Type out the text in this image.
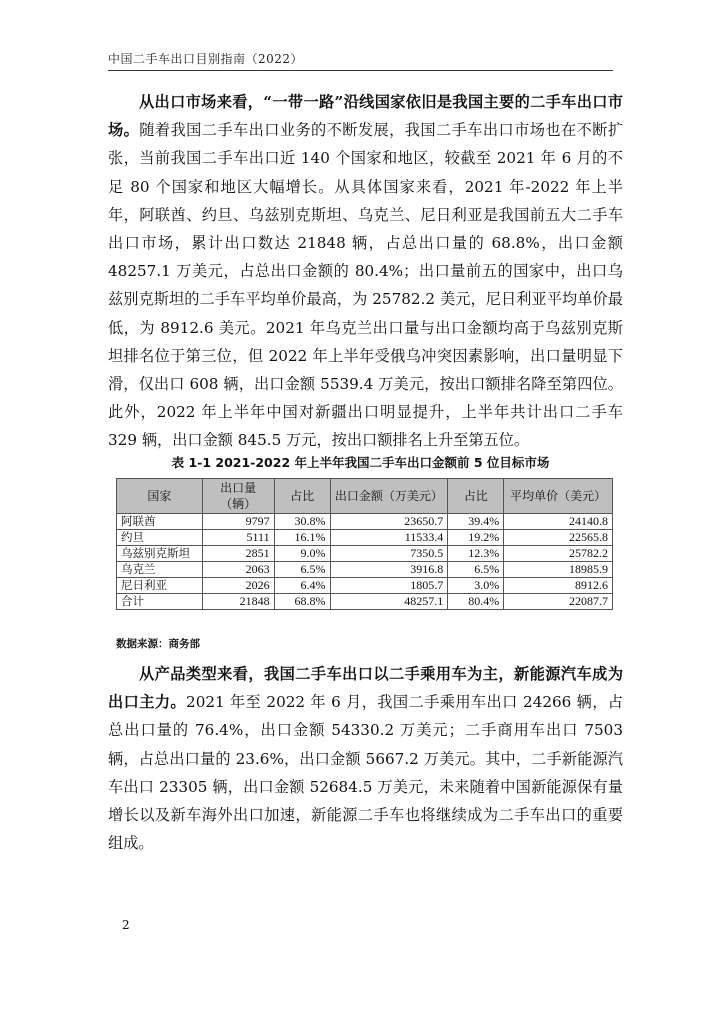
中国二手车出口目别指南（2022）

从出口市场来看，“一带一路”沿线国家依旧是我国主要的二手车出口市场。随着我国二手车出口业务的不断发展，我国二手车出口市场也在不断扩张，当前我国二手车出口近 140 个国家和地区，较截至 2021 年 6 月的不足 80 个国家和地区大幅增长。从具体国家来看，2021 年-2022 年上半年，阿联酋、约旦、乌兹别克斯坦、乌克兰、尼日利亚是我国前五大二手车出口市场，累计出口数达 21848 辆，占总出口量的 68.8%，出口金额 48257.1 万美元，占总出口金额的 80.4%；出口量前五的国家中，出口乌兹别克斯坦的二手车平均单价最高，为 25782.2 美元，尼日利亚平均单价最低，为 8912.6 美元。2021 年乌克兰出口量与出口金额均高于乌兹别克斯坦排名位于第三位，但 2022 年上半年受俄乌冲突因素影响，出口量明显下滑，仅出口 608 辆，出口金额 5539.4 万美元，按出口额排名降至第四位。此外，2022 年上半年中国对新疆出口明显提升，上半年共计出口二手车 329 辆，出口金额 845.5 万元，按出口额排名上升至第五位。

表 1-1 2021-2022 年上半年我国二手车出口金额前 5 位目标市场

国家	出口量（辆）	占比	出口金额（万美元）	占比	平均单价（美元）
阿联酋	9797	30.8%	23650.7	39.4%	24140.8
约旦	5111	16.1%	11533.4	19.2%	22565.8
乌兹别克斯坦	2851	9.0%	7350.5	12.3%	25782.2
乌克兰	2063	6.5%	3916.8	6.5%	18985.9
尼日利亚	2026	6.4%	1805.7	3.0%	8912.6
合计	21848	68.8%	48257.1	80.4%	22087.7

数据来源：商务部

从产品类型来看，我国二手车出口以二手乘用车为主，新能源汽车成为出口主力。2021 年至 2022 年 6 月，我国二手乘用车出口 24266 辆，占总出口量的 76.4%，出口金额 54330.2 万美元；二手商用车出口 7503 辆，占总出口量的 23.6%，出口金额 5667.2 万美元。其中，二手新能源汽车出口 23305 辆，出口金额 52684.5 万美元，未来随着中国新能源保有量增长以及新车海外出口加速，新能源二手车也将继续成为二手车出口的重要组成。

2
